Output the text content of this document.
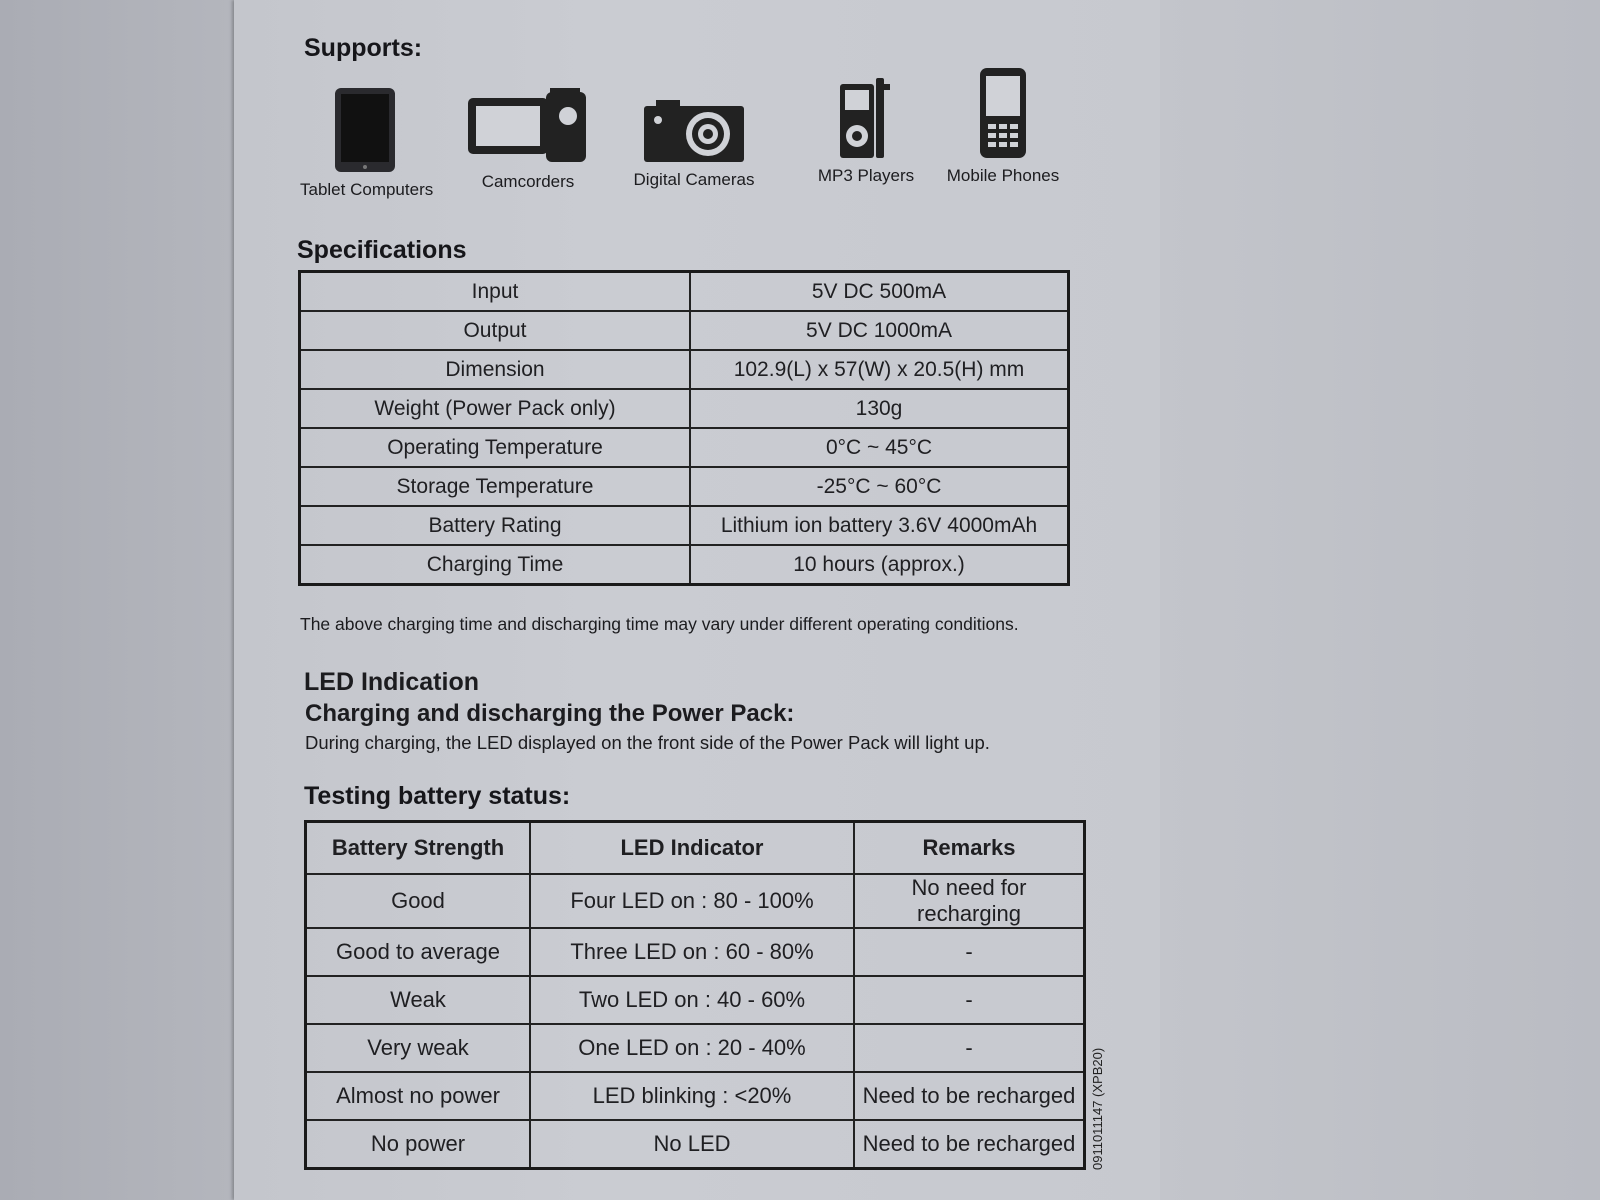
Supports:
Tablet Computers	Camcorders	Digital Cameras	MP3 Players	Mobile Phones
Specifications
Input	5V DC 500mA
Output	5V DC 1000mA
Dimension	102.9(L) x 57(W) x 20.5(H) mm
Weight (Power Pack only)	130g
Operating Temperature	0°C ~ 45°C
Storage Temperature	-25°C ~ 60°C
Battery Rating	Lithium ion battery 3.6V 4000mAh
Charging Time	10 hours (approx.)
The above charging time and discharging time may vary under different operating conditions.
LED Indication
Charging and discharging the Power Pack:
During charging, the LED displayed on the front side of the Power Pack will light up.
Testing battery status:
Battery Strength	LED Indicator	Remarks
Good	Four LED on : 80 - 100%	No need for recharging
Good to average	Three LED on : 60 - 80%	-
Weak	Two LED on : 40 - 60%	-
Very weak	One LED on : 20 - 40%	-
Almost no power	LED blinking : <20%	Need to be recharged
No power	No LED	Need to be recharged 0911011147 (XPB20)
